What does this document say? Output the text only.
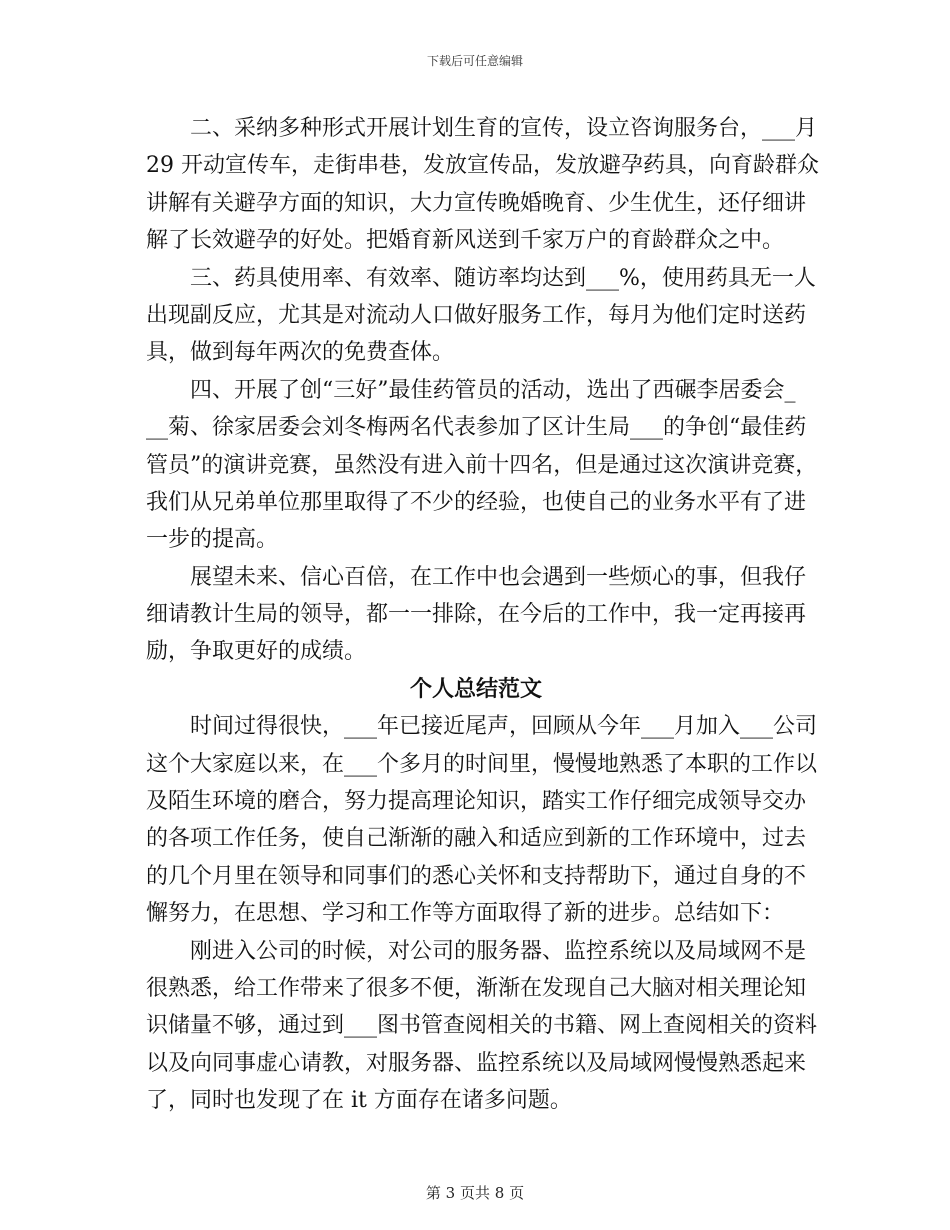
下载后可任意编辑
二、采纳多种形式开展计划生育的宣传，设立咨询服务台，___月
29 开动宣传车，走街串巷，发放宣传品，发放避孕药具，向育龄群众
讲解有关避孕方面的知识，大力宣传晚婚晚育、少生优生，还仔细讲
解了长效避孕的好处。把婚育新风送到千家万户的育龄群众之中。
三、药具使用率、有效率、随访率均达到___%，使用药具无一人
出现副反应，尤其是对流动人口做好服务工作，每月为他们定时送药
具，做到每年两次的免费查体。
四、开展了创“三好”最佳药管员的活动，选出了西碾李居委会_
__菊、徐家居委会刘冬梅两名代表参加了区计生局___的争创“最佳药
管员”的演讲竞赛，虽然没有进入前十四名，但是通过这次演讲竞赛，
我们从兄弟单位那里取得了不少的经验，也使自己的业务水平有了进
一步的提高。
展望未来、信心百倍，在工作中也会遇到一些烦心的事，但我仔
细请教计生局的领导，都一一排除，在今后的工作中，我一定再接再
励，争取更好的成绩。
个人总结范文
时间过得很快，___年已接近尾声，回顾从今年___月加入___公司
这个大家庭以来，在___个多月的时间里，慢慢地熟悉了本职的工作以
及陌生环境的磨合，努力提高理论知识，踏实工作仔细完成领导交办
的各项工作任务，使自己渐渐的融入和适应到新的工作环境中，过去
的几个月里在领导和同事们的悉心关怀和支持帮助下，通过自身的不
懈努力，在思想、学习和工作等方面取得了新的进步。总结如下：
刚进入公司的时候，对公司的服务器、监控系统以及局域网不是
很熟悉，给工作带来了很多不便，渐渐在发现自己大脑对相关理论知
识储量不够，通过到___图书管查阅相关的书籍、网上查阅相关的资料
以及向同事虚心请教，对服务器、监控系统以及局域网慢慢熟悉起来
了，同时也发现了在 it 方面存在诸多问题。
第 3 页共 8 页
